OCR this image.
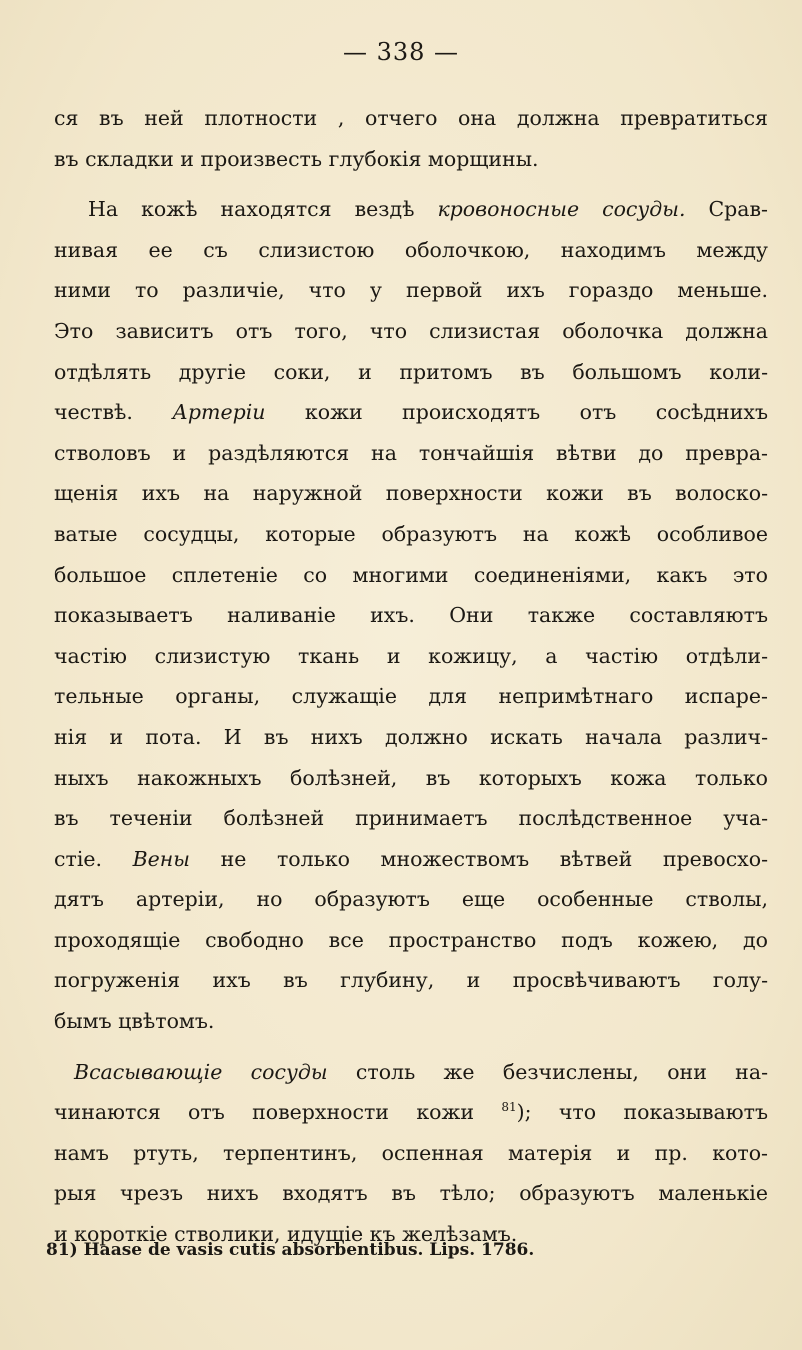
— 338 —
ся въ ней плотности , отчего она должна превратиться
въ складки и произвесть глубокія морщины.
На кожѣ находятся вездѣ кровоносные сосуды. Срав-
нивая ее съ слизистою оболочкою, находимъ между
ними то различіе, что у первой ихъ гораздо меньше.
Это зависитъ отъ того, что слизистая оболочка должна
отдѣлять другіе соки, и притомъ въ большомъ коли-
чествѣ. Артеріи кожи происходятъ отъ сосѣднихъ
стволовъ и раздѣляются на тончайшія вѣтви до превра-
щенія ихъ на наружной поверхности кожи въ волоско-
ватые сосудцы, которые образуютъ на кожѣ особливое
большое сплетеніе со многими соединеніями, какъ это
показываетъ наливаніе ихъ. Они также составляютъ
частію слизистую ткань и кожицу, а частію отдѣли-
тельные органы, служащіе для непримѣтнаго испаре-
нія и пота. И въ нихъ должно искать начала различ-
ныхъ накожныхъ болѣзней, въ которыхъ кожа только
въ теченіи болѣзней принимаетъ послѣдственное уча-
стіе. Вены не только множествомъ вѣтвей превосхо-
дятъ артеріи, но образуютъ еще особенные стволы,
проходящіе свободно все пространство подъ кожею, до
погруженія ихъ въ глубину, и просвѣчиваютъ голу-
бымъ цвѣтомъ.
Всасывающіе сосуды столь же безчислены, они на-
чинаются отъ поверхности кожи $^{81}$); что показываютъ
намъ ртуть, терпентинъ, оспенная матерія и пр. кото-
рыя чрезъ нихъ входятъ въ тѣло; образуютъ маленькіе
и короткіе стволики, идущіе къ желѣзамъ.
81) Haase de vasis cutis absorbentibus. Lips. 1786.
